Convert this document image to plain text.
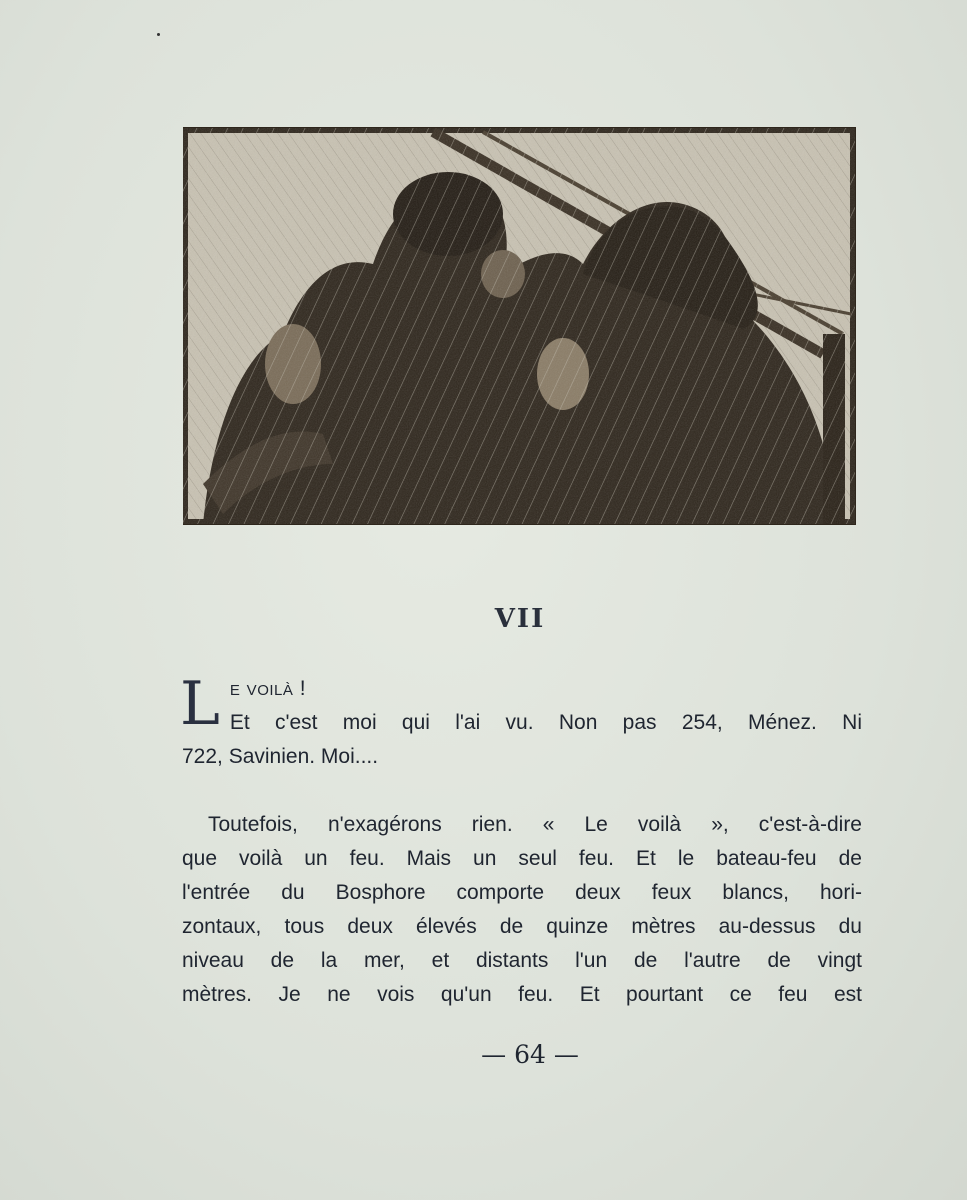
VII
L e voilà !
Et c'est moi qui l'ai vu. Non pas 254, Ménez. Ni
722, Savinien. Moi....
Toutefois, n'exagérons rien. « Le voilà », c'est-à-dire
que voilà un feu. Mais un seul feu. Et le bateau-feu de
l'entrée du Bosphore comporte deux feux blancs, hori-
zontaux, tous deux élevés de quinze mètres au-dessus du
niveau de la mer, et distants l'un de l'autre de vingt
mètres. Je ne vois qu'un feu. Et pourtant ce feu est
— 64 —
